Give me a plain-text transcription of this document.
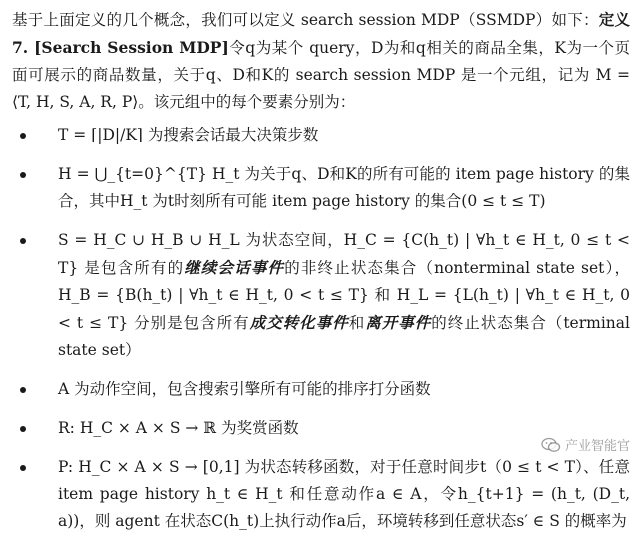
基于上面定义的几个概念，我们可以定义 search session MDP（SSMDP）如下：定义 7. [Search Session MDP]令q为某个 query，D为和q相关的商品全集，K为一个页面可展示的商品数量，关于q、D和K的 search session MDP 是一个元组，记为 M = ⟨T, H, S, A, R, P⟩。该元组中的每个要素分别为：

T = ⌈|D|/K⌉ 为搜索会话最大决策步数
H = ⋃_{t=0}^{T} H_t 为关于q、D和K的所有可能的 item page history 的集合，其中H_t 为t时刻所有可能 item page history 的集合(0 ≤ t ≤ T)
S = H_C ∪ H_B ∪ H_L 为状态空间，H_C = {C(h_t) | ∀h_t ∈ H_t, 0 ≤ t < T} 是包含所有的继续会话事件的非终止状态集合（nonterminal state set），H_B = {B(h_t) | ∀h_t ∈ H_t, 0 < t ≤ T} 和 H_L = {L(h_t) | ∀h_t ∈ H_t, 0 < t ≤ T} 分别是包含所有成交转化事件和离开事件的终止状态集合（terminal state set）
A 为动作空间，包含搜索引擎所有可能的排序打分函数
R: H_C × A × S → ℝ 为奖赏函数
P: H_C × A × S → [0,1] 为状态转移函数，对于任意时间步t（0 ≤ t < T）、任意 item page history h_t ∈ H_t 和任意动作a ∈ A，令h_{t+1} = (h_t, (D_t, a))，则 agent 在状态C(h_t)上执行动作a后，环境转移到任意状态s′ ∈ S 的概率为
产业智能官
